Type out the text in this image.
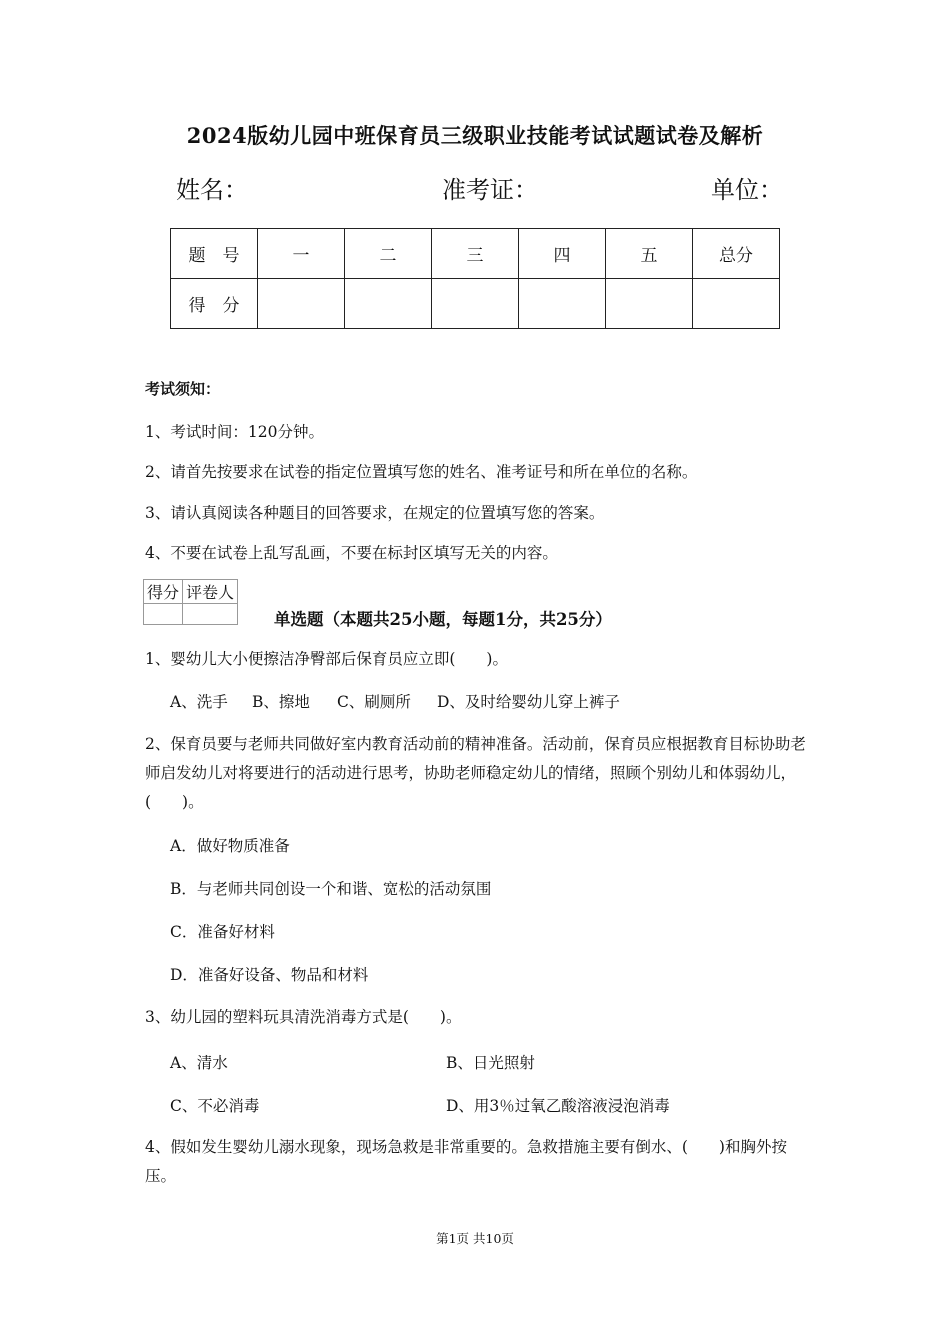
2024版幼儿园中班保育员三级职业技能考试试题试卷及解析
姓名：	准考证：	单位：
题　号	一	二	三	四	五	总分
得　分						
考试须知：
1、考试时间：120分钟。
2、请首先按要求在试卷的指定位置填写您的姓名、准考证号和所在单位的名称。
3、请认真阅读各种题目的回答要求，在规定的位置填写您的答案。
4、不要在试卷上乱写乱画，不要在标封区填写无关的内容。
得分	评卷人

单选题（本题共25小题，每题1分，共25分）
1、婴幼儿大小便擦洁净臀部后保育员应立即(　　)。
A、洗手 B、擦地 C、刷厕所 D、及时给婴幼儿穿上裤子
2、保育员要与老师共同做好室内教育活动前的精神准备。活动前，保育员应根据教育目标协助老师启发幼儿对将要进行的活动进行思考，协助老师稳定幼儿的情绪，照顾个别幼儿和体弱幼儿，(　　)。
A．做好物质准备
B．与老师共同创设一个和谐、宽松的活动氛围
C．准备好材料
D．准备好设备、物品和材料
3、幼儿园的塑料玩具清洗消毒方式是(　　)。
A、清水	B、日光照射
C、不必消毒	D、用3％过氧乙酸溶液浸泡消毒
4、假如发生婴幼儿溺水现象，现场急救是非常重要的。急救措施主要有倒水、(　　)和胸外按压。
第1页 共10页
